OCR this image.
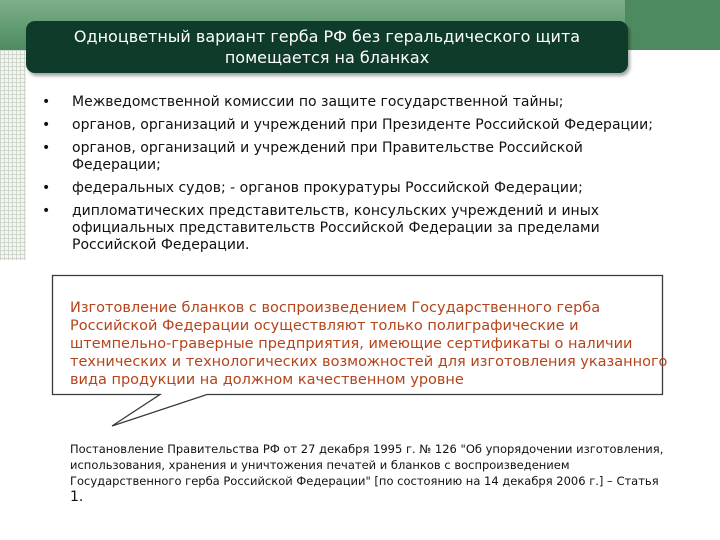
Одноцветный вариант герба РФ без геральдического щита
помещается на бланках
• Межведомственной комиссии по защите государственной тайны;
• органов, организаций и учреждений при Президенте Российской Федерации;
• органов, организаций и учреждений при Правительстве Российской Федерации;
• федеральных судов; - органов прокуратуры Российской Федерации;
• дипломатических представительств, консульских учреждений и иных официальных представительств Российской Федерации за пределами Российской Федерации.
Изготовление бланков с воспроизведением Государственного герба Российской Федерации осуществляют только полиграфические и штемпельно-граверные предприятия, имеющие сертификаты о наличии технических и технологических возможностей для изготовления указанного вида продукции на должном качественном уровне
Постановление Правительства РФ от 27 декабря 1995 г. № 126 "Об упорядочении изготовления, использования, хранения и уничтожения печатей и бланков с воспроизведением Государственного герба Российской Федерации" [по состоянию на 14 декабря 2006 г.] – Статья 1.
